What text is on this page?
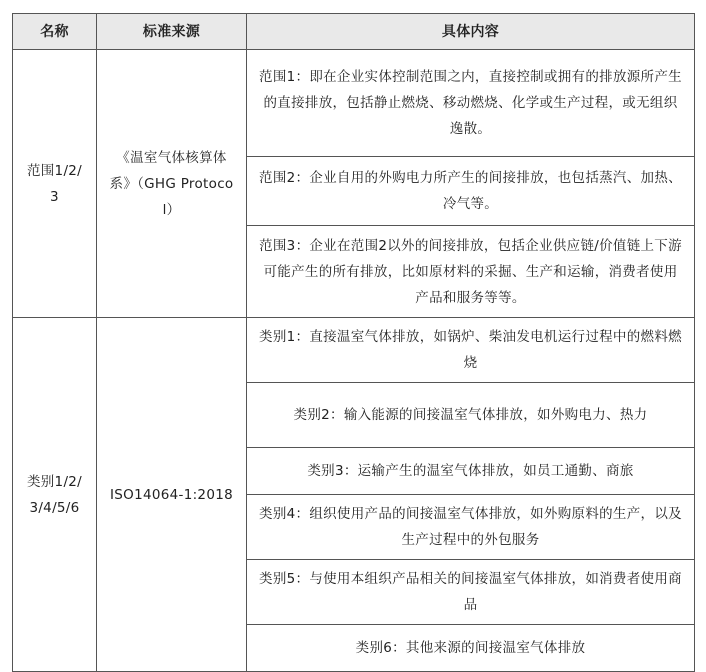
名称	标准来源	具体内容
范围1/2/3	《温室气体核算体系》（GHG Protocol）	范围1：即在企业实体控制范围之内，直接控制或拥有的排放源所产生的直接排放，包括静止燃烧、移动燃烧、化学或生产过程，或无组织逸散。
		范围2：企业自用的外购电力所产生的间接排放，也包括蒸汽、加热、冷气等。
		范围3：企业在范围2以外的间接排放，包括企业供应链/价值链上下游可能产生的所有排放，比如原材料的采掘、生产和运输，消费者使用产品和服务等等。
类别1/2/3/4/5/6	ISO14064-1:2018	类别1：直接温室气体排放，如锅炉、柴油发电机运行过程中的燃料燃烧
		类别2：输入能源的间接温室气体排放，如外购电力、热力
		类别3：运输产生的温室气体排放，如员工通勤、商旅
		类别4：组织使用产品的间接温室气体排放，如外购原料的生产，以及生产过程中的外包服务
		类别5：与使用本组织产品相关的间接温室气体排放，如消费者使用商品
		类别6：其他来源的间接温室气体排放
